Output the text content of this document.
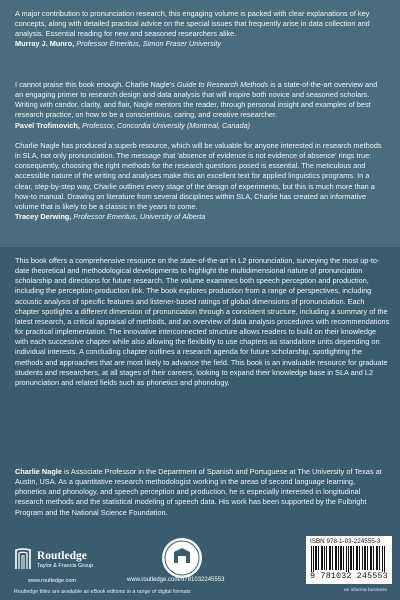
A major contribution to pronunciation research, this engaging volume is packed with clear explanations of key concepts, along with detailed practical advice on the special issues that frequently arise in data collection and analysis. Essential reading for new and seasoned researchers alike.

Murray J. Munro, Professor Emeritus, Simon Fraser University

I cannot praise this book enough. Charlie Nagle's Guide to Research Methods is a state-of-the-art overview and an engaging primer to research design and data analysis that will inspire both novice and seasoned scholars. Writing with candor, clarity, and flair, Nagle mentors the reader, through personal insight and examples of best research practice, on how to be a conscientious, caring, and creative researcher.

Pavel Trofimovich, Professor, Concordia University (Montreal, Canada)

Charlie Nagle has produced a superb resource, which will be valuable for anyone interested in research methods in SLA, not only pronunciation. The message that 'absence of evidence is not evidence of absence' rings true: consequently, choosing the right methods for the research questions posed is essential. The meticulous and accessible nature of the writing and analyses make this an excellent text for applied linguistics programs. In a clear, step-by-step way, Charlie outlines every stage of the design of experiments, but this is much more than a how-to manual. Drawing on literature from several disciplines within SLA, Charlie has created an informative volume that is likely to be a classic in the years to come.

Tracey Derwing, Professor Emeritus, University of Alberta

This book offers a comprehensive resource on the state-of-the-art in L2 pronunciation, surveying the most up-to-date theoretical and methodological developments to highlight the multidimensional nature of pronunciation scholarship and directions for future research. The volume examines both speech perception and production, including the perception-production link. The book explores production from a range of perspectives, including acoustic analysis of specific features and listener-based ratings of global dimensions of pronunciation. Each chapter spotlights a different dimension of pronunciation through a consistent structure, including a summary of the latest research, a critical appraisal of methods, and an overview of data analysis procedures with recommendations for practical implementation. The innovative interconnected structure allows readers to build on their knowledge with each successive chapter while also allowing the flexibility to use chapters as standalone units depending on individual interests. A concluding chapter outlines a research agenda for future scholarship, spotlighting the methods and approaches that are most likely to advance the field. This book is an invaluable resource for graduate students and researchers, at all stages of their careers, looking to expand their knowledge base in SLA and L2 pronunciation and related fields such as phonetics and phonology.

Charlie Nagle is Associate Professor in the Department of Spanish and Portuguese at The University of Texas at Austin, USA. As a quantitative research methodologist working in the areas of second language learning, phonetics and phonology, and speech perception and production, he is especially interested in longitudinal research methods and the statistical modeling of speech data. His work has been supported by the Fulbright Program and the National Science Foundation.

Routledge
Taylor & Francis Group
www.routledge.com	www.routledge.com/9781032245553
ISBN 978-1-03-224555-3
9 781032 245553
an informa business
Routledge titles are available as eBook editions in a range of digital formats
